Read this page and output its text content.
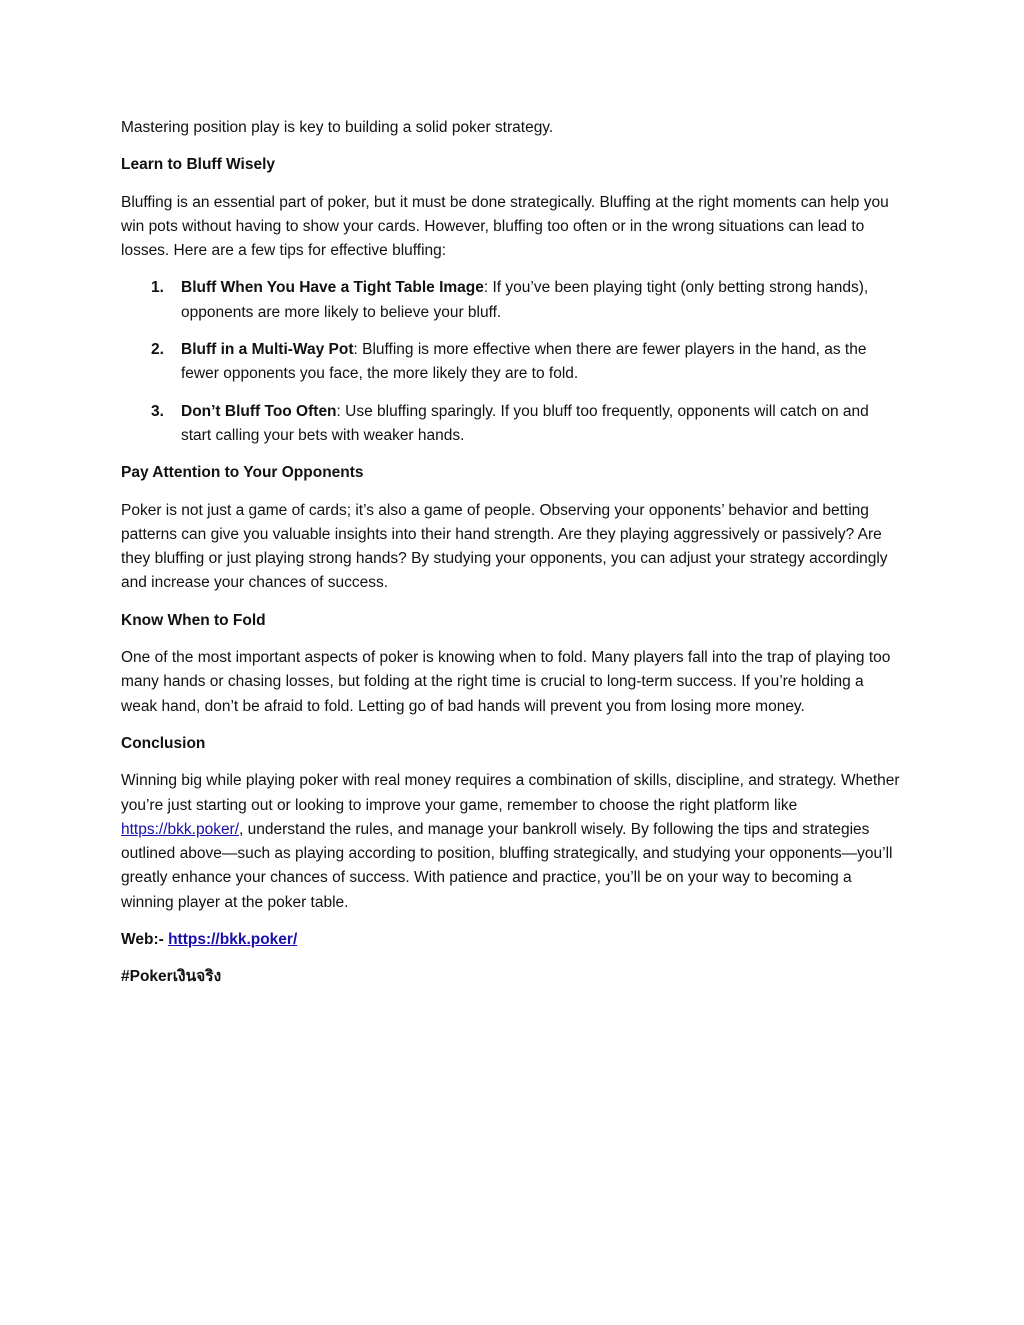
Mastering position play is key to building a solid poker strategy.

Learn to Bluff Wisely

Bluffing is an essential part of poker, but it must be done strategically. Bluffing at the right moments can help you win pots without having to show your cards. However, bluffing too often or in the wrong situations can lead to losses. Here are a few tips for effective bluffing:

1. Bluff When You Have a Tight Table Image: If you’ve been playing tight (only betting strong hands), opponents are more likely to believe your bluff.
2. Bluff in a Multi-Way Pot: Bluffing is more effective when there are fewer players in the hand, as the fewer opponents you face, the more likely they are to fold.
3. Don’t Bluff Too Often: Use bluffing sparingly. If you bluff too frequently, opponents will catch on and start calling your bets with weaker hands.

Pay Attention to Your Opponents

Poker is not just a game of cards; it’s also a game of people. Observing your opponents’ behavior and betting patterns can give you valuable insights into their hand strength. Are they playing aggressively or passively? Are they bluffing or just playing strong hands? By studying your opponents, you can adjust your strategy accordingly and increase your chances of success.

Know When to Fold

One of the most important aspects of poker is knowing when to fold. Many players fall into the trap of playing too many hands or chasing losses, but folding at the right time is crucial to long-term success. If you’re holding a weak hand, don’t be afraid to fold. Letting go of bad hands will prevent you from losing more money.

Conclusion

Winning big while playing poker with real money requires a combination of skills, discipline, and strategy. Whether you’re just starting out or looking to improve your game, remember to choose the right platform like https://bkk.poker/, understand the rules, and manage your bankroll wisely. By following the tips and strategies outlined above—such as playing according to position, bluffing strategically, and studying your opponents—you’ll greatly enhance your chances of success. With patience and practice, you’ll be on your way to becoming a winning player at the poker table.

Web:- https://bkk.poker/

#Pokerเงินจริง
